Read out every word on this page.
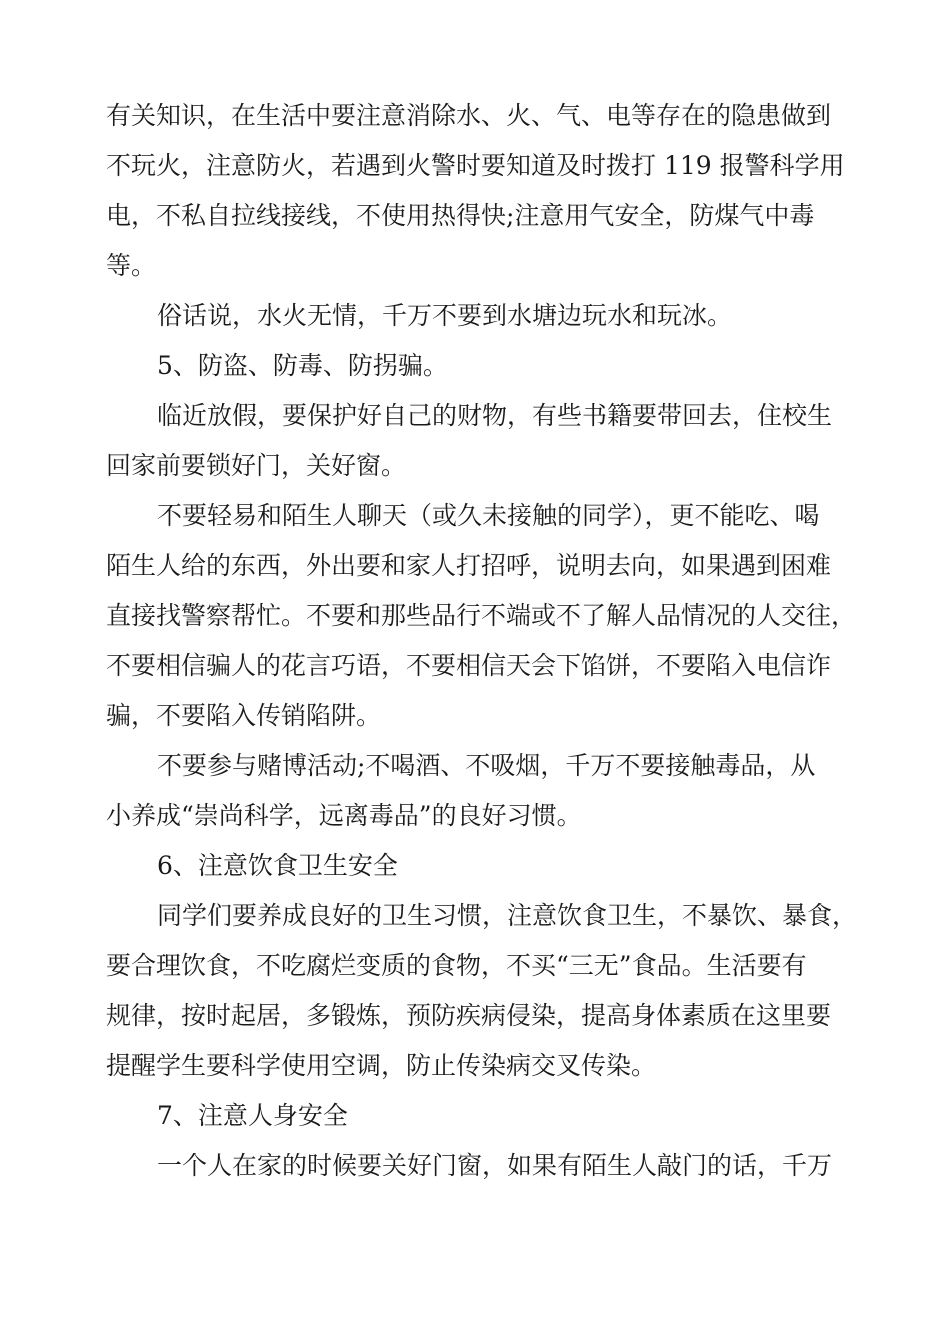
有关知识，在生活中要注意消除水、火、气、电等存在的隐患做到
不玩火，注意防火，若遇到火警时要知道及时拨打 119 报警科学用
电，不私自拉线接线，不使用热得快;注意用气安全，防煤气中毒
等。
俗话说，水火无情，千万不要到水塘边玩水和玩冰。
5、防盗、防毒、防拐骗。
临近放假，要保护好自己的财物，有些书籍要带回去，住校生
回家前要锁好门，关好窗。
不要轻易和陌生人聊天（或久未接触的同学），更不能吃、喝
陌生人给的东西，外出要和家人打招呼，说明去向，如果遇到困难
直接找警察帮忙。不要和那些品行不端或不了解人品情况的人交往，
不要相信骗人的花言巧语，不要相信天会下馅饼，不要陷入电信诈
骗，不要陷入传销陷阱。
不要参与赌博活动;不喝酒、不吸烟，千万不要接触毒品，从
小养成“崇尚科学，远离毒品”的良好习惯。
6、注意饮食卫生安全
同学们要养成良好的卫生习惯，注意饮食卫生，不暴饮、暴食，
要合理饮食，不吃腐烂变质的食物，不买“三无”食品。生活要有
规律，按时起居，多锻炼，预防疾病侵染，提高身体素质在这里要
提醒学生要科学使用空调，防止传染病交叉传染。
7、注意人身安全
一个人在家的时候要关好门窗，如果有陌生人敲门的话，千万
